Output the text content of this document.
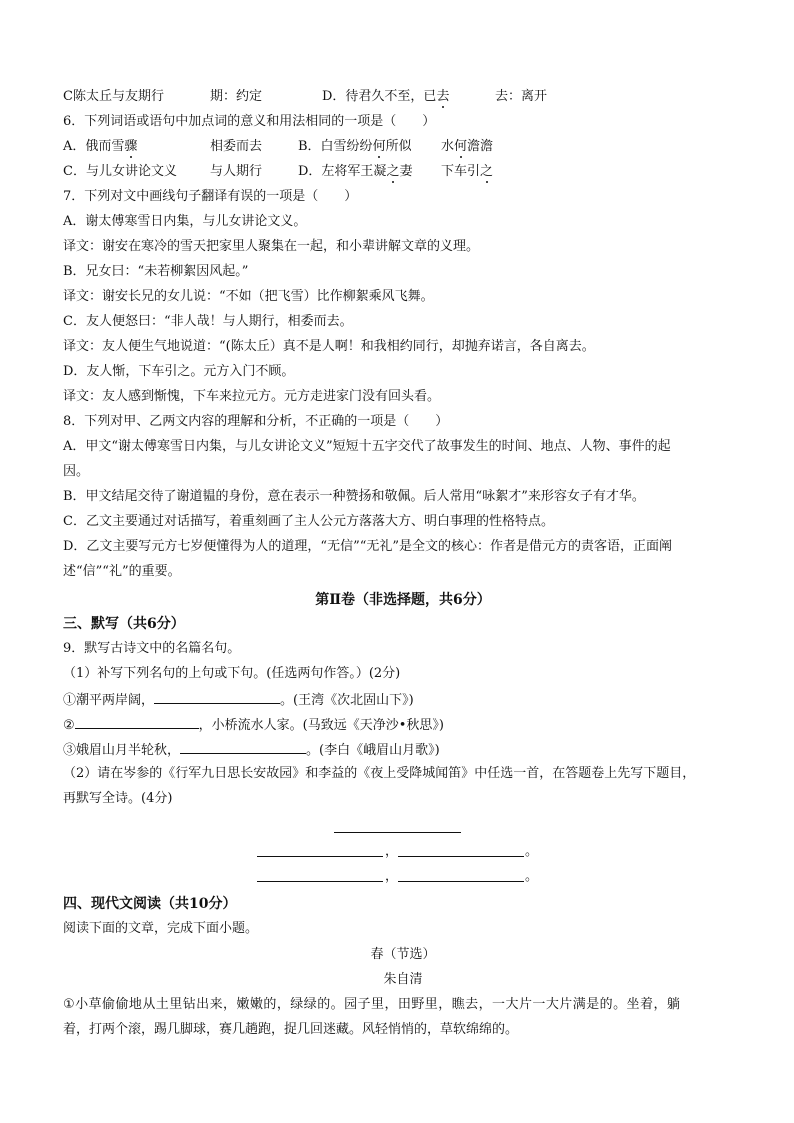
C陈太丘与友期行	期：约定	D．待君久不至，已去	去：离开
6．下列词语或语句中加点词的意义和用法相同的一项是（　　）
A．俄而雪骤	相委而去	B．白雪纷纷何所似 水何澹澹
C．与儿女讲论文义	与人期行	D．左将军王凝之妻 下车引之
7．下列对文中画线句子翻译有误的一项是（　　）
A．谢太傅寒雪日内集，与儿女讲论文义。
译文：谢安在寒冷的雪天把家里人聚集在一起，和小辈讲解文章的义理。
B．兄女曰：“未若柳絮因风起。”
译文：谢安长兄的女儿说：“不如（把飞雪）比作柳絮乘风飞舞。
C．友人便怒曰：“非人哉！与人期行，相委而去。
译文：友人便生气地说道：“(陈太丘）真不是人啊！和我相约同行，却抛弃诺言，各自离去。
D．友人惭，下车引之。元方入门不顾。
译文：友人感到惭愧，下车来拉元方。元方走进家门没有回头看。
8．下列对甲、乙两文内容的理解和分析，不正确的一项是（　　）
A．甲文“谢太傅寒雪日内集，与儿女讲论文义”短短十五字交代了故事发生的时间、地点、人物、事件的起
因。
B．甲文结尾交待了谢道韫的身份，意在表示一种赞扬和敬佩。后人常用“咏絮才”来形容女子有才华。
C．乙文主要通过对话描写，着重刻画了主人公元方落落大方、明白事理的性格特点。
D．乙文主要写元方七岁便懂得为人的道理，“无信”“无礼”是全文的核心：作者是借元方的责客语，正面阐
述“信”“礼”的重要。
第Ⅱ卷（非选择题，共6分）
三、默写（共6分）
9．默写古诗文中的名篇名句。
（1）补写下列名句的上句或下句。(任选两句作答。）(2分)
①潮平两岸阔，	。(王湾《次北固山下》)
②	，小桥流水人家。(马致远《天净沙•秋思》)
③娥眉山月半轮秋，	。(李白《峨眉山月歌》)
（2）请在岑参的《行军九日思长安故园》和李益的《夜上受降城闻笛》中任选一首，在答题卷上先写下题目，
再默写全诗。(4分)
，	。
，	。
四、现代文阅读（共10分）
阅读下面的文章，完成下面小题。
春（节选）
朱自清
①小草偷偷地从土里钻出来，嫩嫩的，绿绿的。园子里，田野里，瞧去，一大片一大片满是的。坐着，躺
着，打两个滚，踢几脚球，赛几趟跑，捉几回迷藏。风轻悄悄的，草软绵绵的。
